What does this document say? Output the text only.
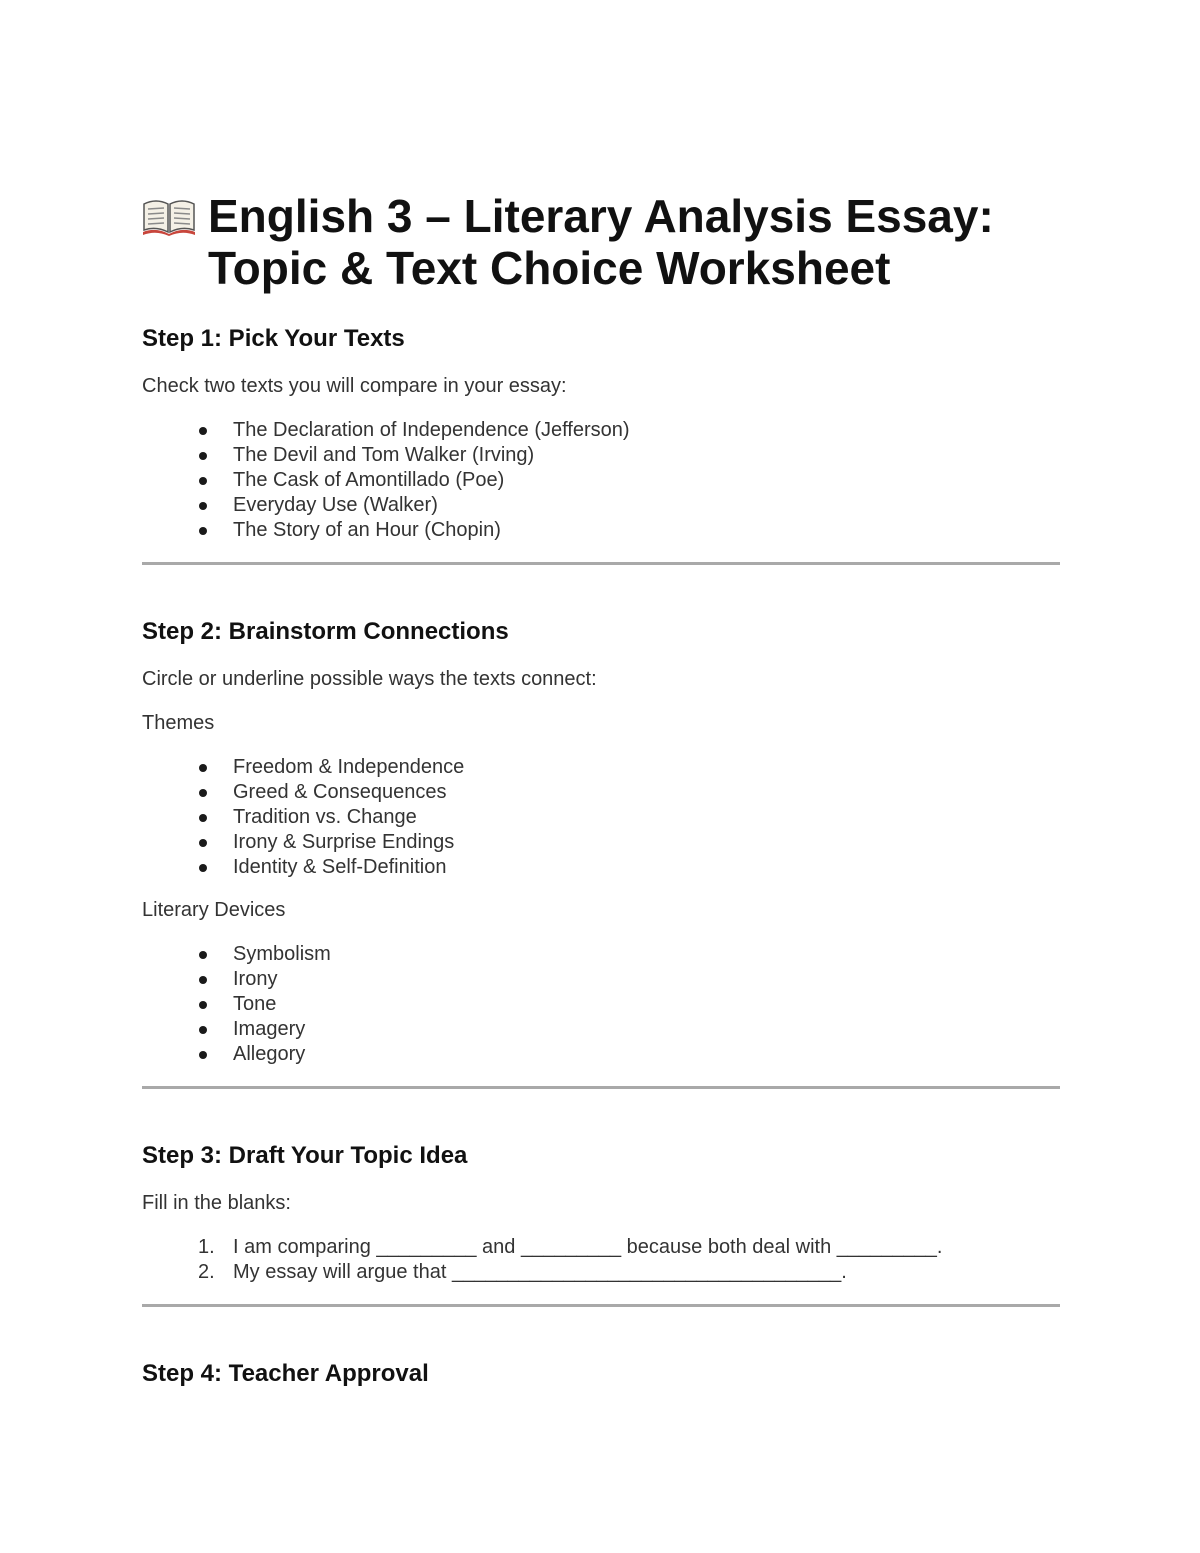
English 3 – Literary Analysis Essay: Topic & Text Choice Worksheet
Step 1: Pick Your Texts

Check two texts you will compare in your essay:

The Declaration of Independence (Jefferson)
The Devil and Tom Walker (Irving)
The Cask of Amontillado (Poe)
Everyday Use (Walker)
The Story of an Hour (Chopin)
Step 2: Brainstorm Connections

Circle or underline possible ways the texts connect:

Themes

Freedom & Independence
Greed & Consequences
Tradition vs. Change
Irony & Surprise Endings
Identity & Self-Definition

Literary Devices

Symbolism
Irony
Tone
Imagery
Allegory
Step 3: Draft Your Topic Idea

Fill in the blanks:

1. I am comparing _________ and _________ because both deal with _________.
2. My essay will argue that ___________________________________.
Step 4: Teacher Approval
